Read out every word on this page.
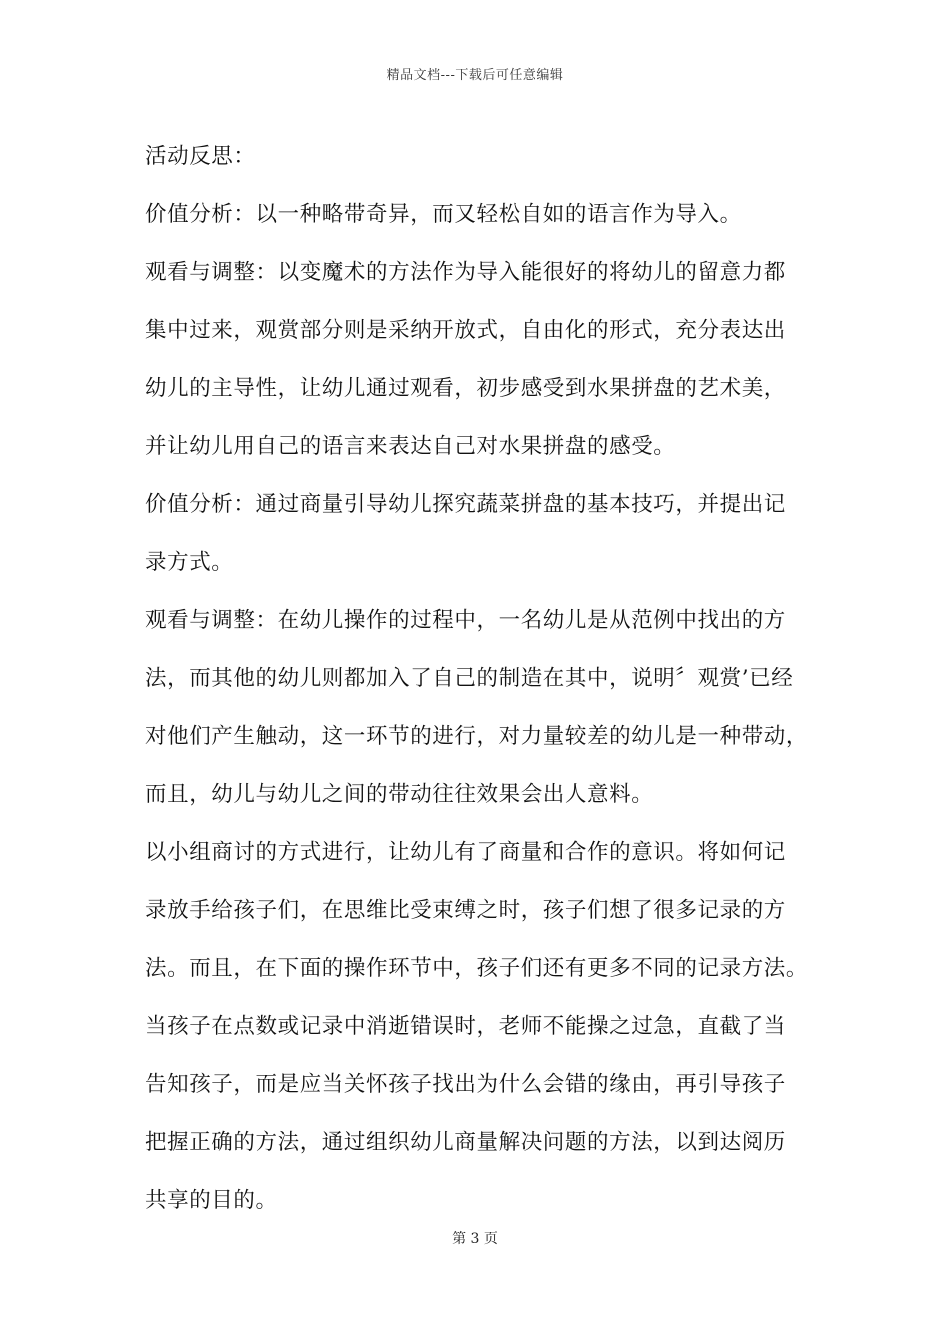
精品文档---下载后可任意编辑
活动反思：
价值分析：以一种略带奇异，而又轻松自如的语言作为导入。
观看与调整：以变魔术的方法作为导入能很好的将幼儿的留意力都
集中过来，观赏部分则是采纳开放式，自由化的形式，充分表达出
幼儿的主导性，让幼儿通过观看，初步感受到水果拼盘的艺术美，
并让幼儿用自己的语言来表达自己对水果拼盘的感受。
价值分析：通过商量引导幼儿探究蔬菜拼盘的基本技巧，并提出记
录方式。
观看与调整：在幼儿操作的过程中，一名幼儿是从范例中找出的方
法，而其他的幼儿则都加入了自己的制造在其中，说明〞观赏’已经
对他们产生触动，这一环节的进行，对力量较差的幼儿是一种带动，
而且，幼儿与幼儿之间的带动往往效果会出人意料。
以小组商讨的方式进行，让幼儿有了商量和合作的意识。将如何记
录放手给孩子们，在思维比受束缚之时，孩子们想了很多记录的方
法。而且，在下面的操作环节中，孩子们还有更多不同的记录方法。
当孩子在点数或记录中消逝错误时，老师不能操之过急，直截了当
告知孩子，而是应当关怀孩子找出为什么会错的缘由，再引导孩子
把握正确的方法，通过组织幼儿商量解决问题的方法，以到达阅历
共享的目的。
第 3 页
